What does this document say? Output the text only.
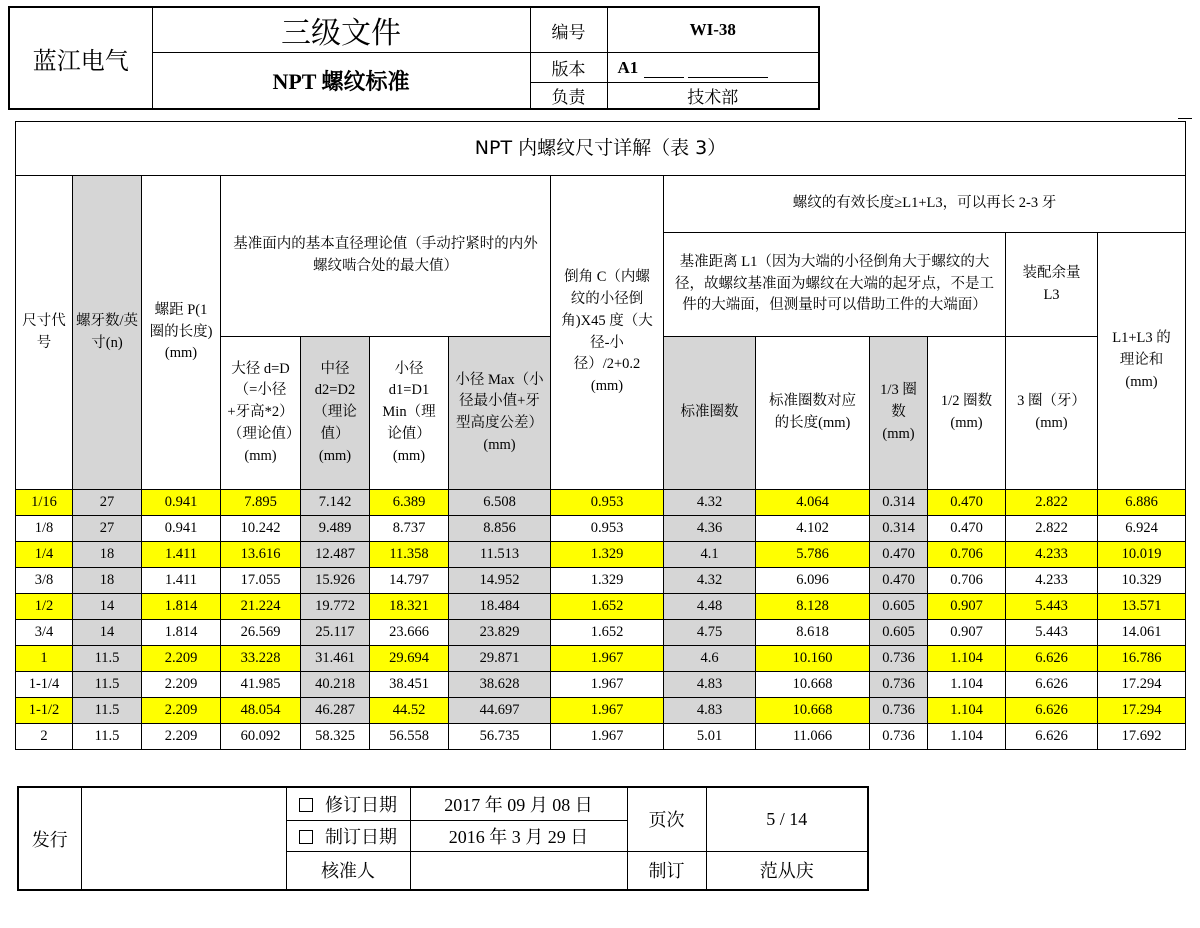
蓝江电气	三级文件	编号	WI-38
	NPT 螺纹标准	版本	A1
		负责	技术部
NPT 内螺纹尺寸详解（表 3）													
尺寸代号	螺牙数/英寸(n)	螺距 P(1 圈的长度)(mm)	基准面内的基本直径理论值（手动拧紧时的内外螺纹啮合处的最大值）				倒角 C（内螺纹的小径倒角)X45 度（大径-小径）/2+0.2 (mm)	螺纹的有效长度≥L1+L3，可以再长 2-3 牙					
								基准距离 L1（因为大端的小径倒角大于螺纹的大径，故螺纹基准面为螺纹在大端的起牙点，不是工件的大端面，但测量时可以借助工件的大端面）				装配余量 L3	L1+L3 的理论和(mm)
			大径 d=D（=小径+牙高*2）（理论值）(mm)	中径 d2=D2（理论值）(mm)	小径 d1=D1 Min（理论值）(mm)	小径 Max（小径最小值+牙型高度公差）(mm)		标准圈数	标准圈数对应的长度(mm)	1/3 圈数(mm)	1/2 圈数(mm)	3 圈（牙）(mm)	
1/16	27	0.941	7.895	7.142	6.389	6.508	0.953	4.32	4.064	0.314	0.470	2.822	6.886
1/8	27	0.941	10.242	9.489	8.737	8.856	0.953	4.36	4.102	0.314	0.470	2.822	6.924
1/4	18	1.411	13.616	12.487	11.358	11.513	1.329	4.1	5.786	0.470	0.706	4.233	10.019
3/8	18	1.411	17.055	15.926	14.797	14.952	1.329	4.32	6.096	0.470	0.706	4.233	10.329
1/2	14	1.814	21.224	19.772	18.321	18.484	1.652	4.48	8.128	0.605	0.907	5.443	13.571
3/4	14	1.814	26.569	25.117	23.666	23.829	1.652	4.75	8.618	0.605	0.907	5.443	14.061
1	11.5	2.209	33.228	31.461	29.694	29.871	1.967	4.6	10.160	0.736	1.104	6.626	16.786
1-1/4	11.5	2.209	41.985	40.218	38.451	38.628	1.967	4.83	10.668	0.736	1.104	6.626	17.294
1-1/2	11.5	2.209	48.054	46.287	44.52	44.697	1.967	4.83	10.668	0.736	1.104	6.626	17.294
2	11.5	2.209	60.092	58.325	56.558	56.735	1.967	5.01	11.066	0.736	1.104	6.626	17.692
发行		修订日期	2017 年 09 月 08 日	页次	5 / 14
		制订日期	2016 年 3 月 29 日		
		核准人		制订	范从庆
